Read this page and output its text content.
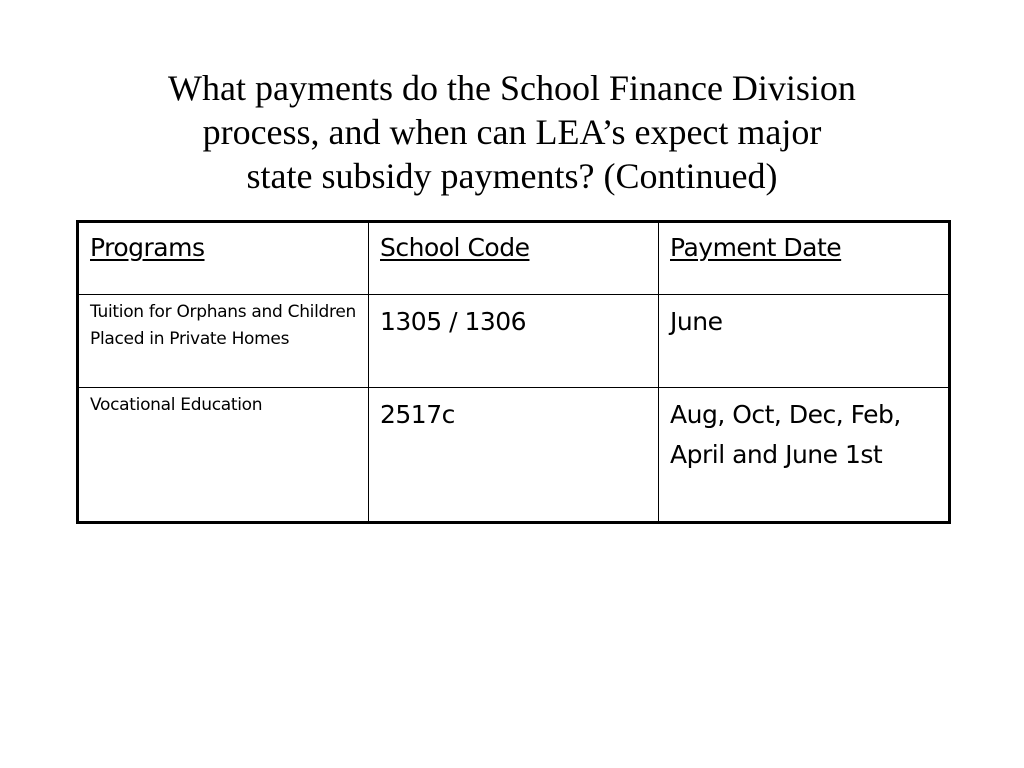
What payments do the School Finance Division
process, and when can LEA’s expect major
state subsidy payments? (Continued)
Programs	School Code	Payment Date
Tuition for Orphans and Children Placed in Private Homes	1305 / 1306	June
Vocational Education	2517c	Aug, Oct, Dec, Feb, April and June 1st
